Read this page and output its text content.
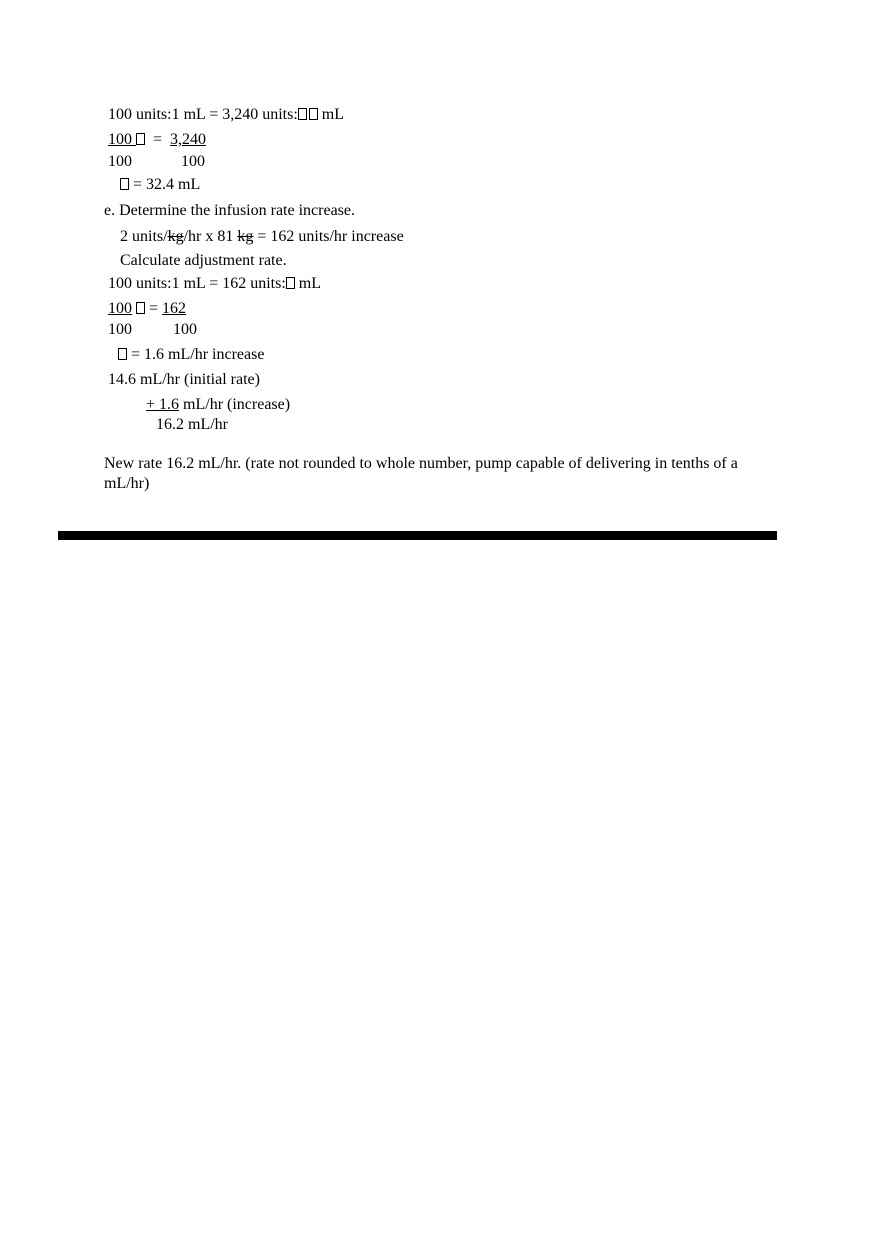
100 units:1 mL = 3,240 units: mL
100 = 3,240
100	100
= 32.4 mL
e. Determine the infusion rate increase.
2 units/kg/hr x 81 kg = 162 units/hr increase
Calculate adjustment rate.
100 units:1 mL = 162 units: mL
100 = 162
100	100
= 1.6 mL/hr increase
14.6 mL/hr (initial rate)
+ 1.6 mL/hr (increase)
16.2 mL/hr
New rate 16.2 mL/hr. (rate not rounded to whole number, pump capable of delivering in tenths of a mL/hr)
